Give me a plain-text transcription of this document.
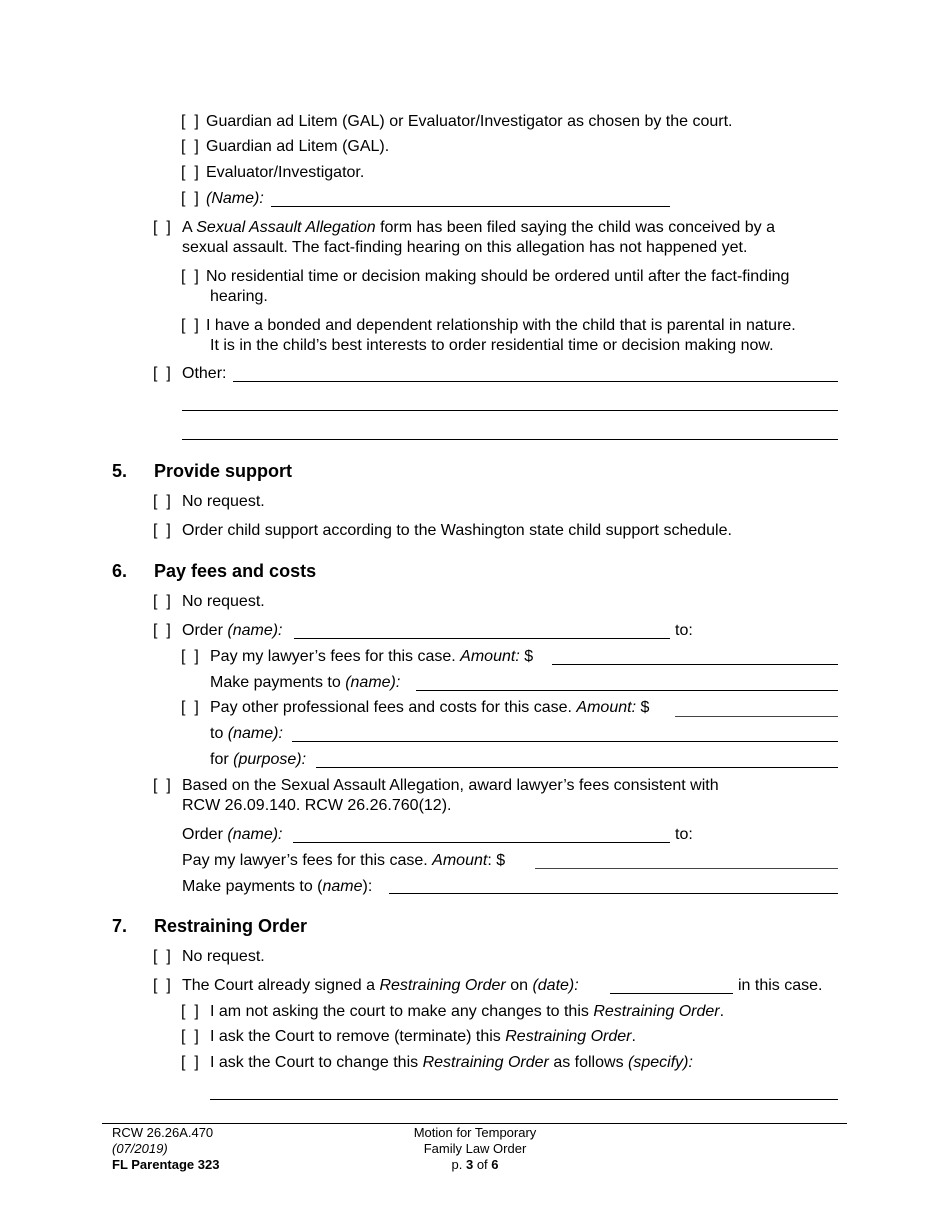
[  ] Guardian ad Litem (GAL) or Evaluator/Investigator as chosen by the court.
[  ] Guardian ad Litem (GAL).
[  ] Evaluator/Investigator.
[  ] (Name):
[  ] A Sexual Assault Allegation form has been filed saying the child was conceived by a
sexual assault. The fact-finding hearing on this allegation has not happened yet.
[  ] No residential time or decision making should be ordered until after the fact-finding
hearing.
[  ] I have a bonded and dependent relationship with the child that is parental in nature.
It is in the child’s best interests to order residential time or decision making now.
[  ] Other:
5. Provide support
[  ] No request.
[  ] Order child support according to the Washington state child support schedule.
6. Pay fees and costs
[  ] No request.
[  ] Order (name):	to:
[  ] Pay my lawyer’s fees for this case. Amount: $
Make payments to (name):
[  ] Pay other professional fees and costs for this case. Amount: $
to (name):
for (purpose):
[  ] Based on the Sexual Assault Allegation, award lawyer’s fees consistent with
RCW 26.09.140. RCW 26.26.760(12).
Order (name):	to:
Pay my lawyer’s fees for this case. Amount: $
Make payments to (name):
7. Restraining Order
[  ] No request.
[  ] The Court already signed a Restraining Order on (date):	in this case.
[  ] I am not asking the court to make any changes to this Restraining Order.
[  ] I ask the Court to remove (terminate) this Restraining Order.
[  ] I ask the Court to change this Restraining Order as follows (specify):
RCW 26.26A.470
(07/2019)
FL Parentage 323
Motion for Temporary
Family Law Order
p. 3 of 6
